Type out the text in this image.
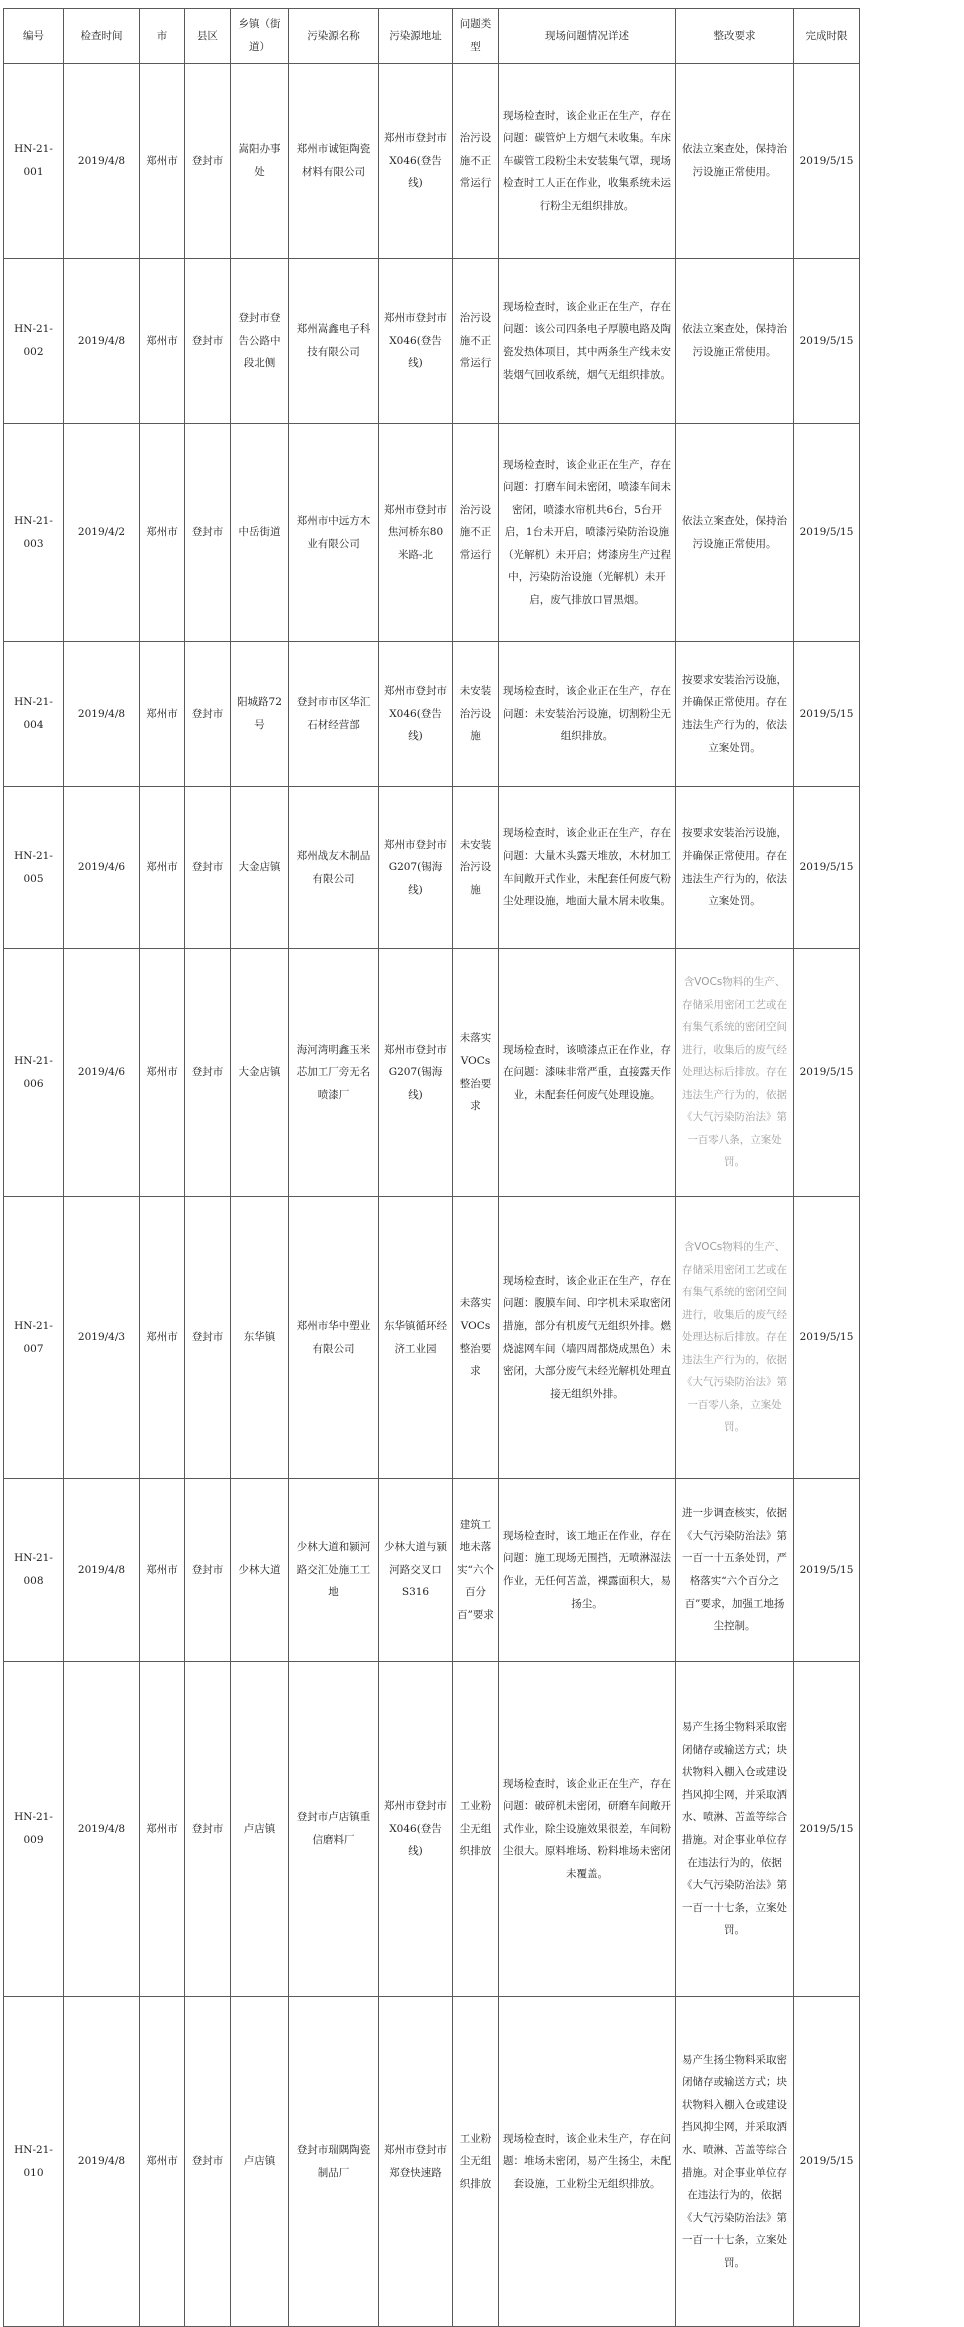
编号	检查时间	市	县区	乡镇（街道）	污染源名称	污染源地址	问题类型	现场问题情况详述	整改要求	完成时限
HN-21-001	2019/4/8	郑州市	登封市	嵩阳办事处	郑州市诚钜陶瓷材料有限公司	郑州市登封市X046(登告线)	治污设施不正常运行	现场检查时，该企业正在生产，存在问题：碳管炉上方烟气未收集。车床车碳管工段粉尘未安装集气罩，现场检查时工人正在作业，收集系统未运行粉尘无组织排放。	依法立案查处，保持治污设施正常使用。	2019/5/15
HN-21-002	2019/4/8	郑州市	登封市	登封市登告公路中段北侧	郑州嵩鑫电子科技有限公司	郑州市登封市X046(登告线)	治污设施不正常运行	现场检查时，该企业正在生产，存在问题：该公司四条电子厚膜电路及陶瓷发热体项目，其中两条生产线未安装烟气回收系统，烟气无组织排放。	依法立案查处，保持治污设施正常使用。	2019/5/15
HN-21-003	2019/4/2	郑州市	登封市	中岳街道	郑州市中远方木业有限公司	郑州市登封市焦河桥东80米路-北	治污设施不正常运行	现场检查时，该企业正在生产，存在问题：打磨车间未密闭，喷漆车间未密闭，喷漆水帘机共6台，5台开启，1台未开启，喷漆污染防治设施（光解机）未开启；烤漆房生产过程中，污染防治设施（光解机）未开启，废气排放口冒黑烟。	依法立案查处，保持治污设施正常使用。	2019/5/15
HN-21-004	2019/4/8	郑州市	登封市	阳城路72号	登封市市区华汇石材经营部	郑州市登封市X046(登告线)	未安装治污设施	现场检查时，该企业正在生产，存在问题：未安装治污设施，切割粉尘无组织排放。	按要求安装治污设施，并确保正常使用。存在违法生产行为的，依法立案处罚。	2019/5/15
HN-21-005	2019/4/6	郑州市	登封市	大金店镇	郑州战友木制品有限公司	郑州市登封市G207(锡海线)	未安装治污设施	现场检查时，该企业正在生产，存在问题：大量木头露天堆放，木材加工车间敞开式作业，未配套任何废气粉尘处理设施，地面大量木屑未收集。	按要求安装治污设施，并确保正常使用。存在违法生产行为的，依法立案处罚。	2019/5/15
HN-21-006	2019/4/6	郑州市	登封市	大金店镇	海河湾明鑫玉米芯加工厂旁无名喷漆厂	郑州市登封市G207(锡海线)	未落实VOCs整治要求	现场检查时，该喷漆点正在作业，存在问题：漆味非常严重，直接露天作业，未配套任何废气处理设施。	含VOCs物料的生产、存储采用密闭工艺或在有集气系统的密闭空间进行，收集后的废气经处理达标后排放。存在违法生产行为的，依据《大气污染防治法》第一百零八条，立案处罚。	2019/5/15
HN-21-007	2019/4/3	郑州市	登封市	东华镇	郑州市华中塑业有限公司	东华镇循环经济工业园	未落实VOCs整治要求	现场检查时，该企业正在生产，存在问题：腹膜车间、印字机未采取密闭措施，部分有机废气无组织外排。燃烧滤网车间（墙四周都烧成黑色）未密闭，大部分废气未经光解机处理直接无组织外排。	含VOCs物料的生产、存储采用密闭工艺或在有集气系统的密闭空间进行，收集后的废气经处理达标后排放。存在违法生产行为的，依据《大气污染防治法》第一百零八条，立案处罚。	2019/5/15
HN-21-008	2019/4/8	郑州市	登封市	少林大道	少林大道和颍河路交汇处施工工地	少林大道与颍河路交叉口S316	建筑工地未落实“六个百分百”要求	现场检查时，该工地正在作业，存在问题：施工现场无围挡，无喷淋湿法作业，无任何苫盖，裸露面积大，易扬尘。	进一步调查核实，依据《大气污染防治法》第一百一十五条处罚，严格落实“六个百分之百”要求，加强工地扬尘控制。	2019/5/15
HN-21-009	2019/4/8	郑州市	登封市	卢店镇	登封市卢店镇重信磨料厂	郑州市登封市X046(登告线)	工业粉尘无组织排放	现场检查时，该企业正在生产，存在问题：破碎机未密闭，研磨车间敞开式作业，除尘设施效果很差，车间粉尘很大。原料堆场、粉料堆场未密闭未覆盖。	易产生扬尘物料采取密闭储存或输送方式；块状物料入棚入仓或建设挡风抑尘网，并采取洒水、喷淋、苫盖等综合措施。对企事业单位存在违法行为的，依据《大气污染防治法》第一百一十七条，立案处罚。	2019/5/15
HN-21-010	2019/4/8	郑州市	登封市	卢店镇	登封市瑞隅陶瓷制品厂	郑州市登封市郑登快速路	工业粉尘无组织排放	现场检查时，该企业未生产，存在问题：堆场未密闭，易产生扬尘，未配套设施，工业粉尘无组织排放。	易产生扬尘物料采取密闭储存或输送方式；块状物料入棚入仓或建设挡风抑尘网，并采取洒水、喷淋、苫盖等综合措施。对企事业单位存在违法行为的，依据《大气污染防治法》第一百一十七条，立案处罚。	2019/5/15
